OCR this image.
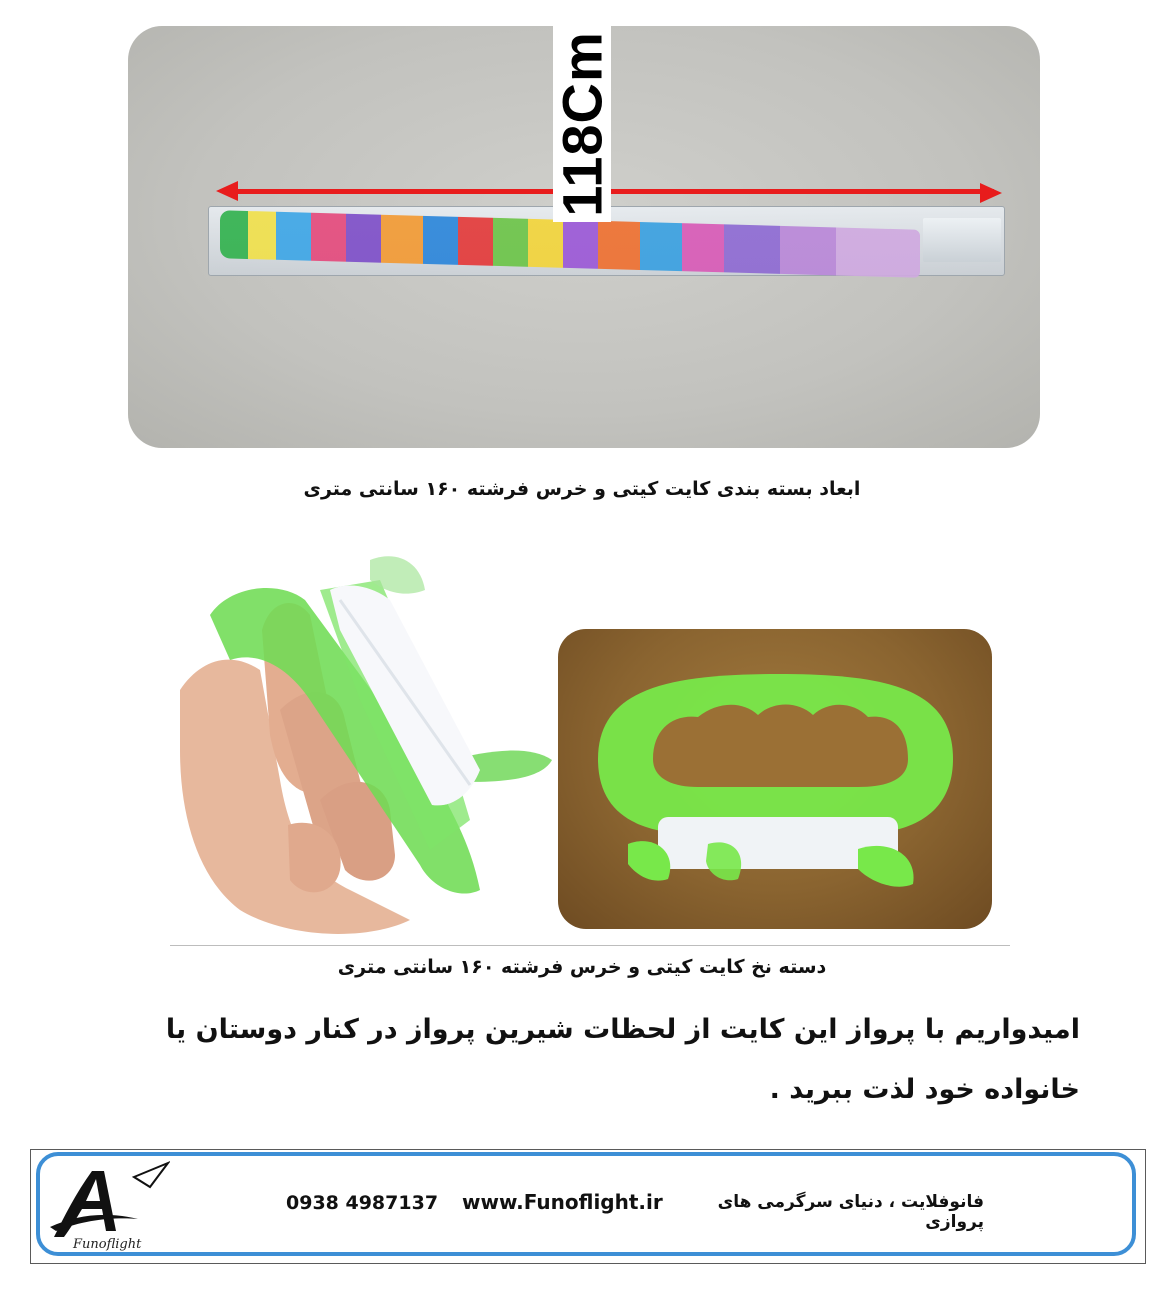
118Cm
ابعاد بسته بندی کایت کیتی و خرس فرشته ۱۶۰ سانتی متری
دسته نخ کایت کیتی و خرس فرشته ۱۶۰ سانتی متری
امیدواریم با پرواز این کایت از لحظات شیرین پرواز در کنار دوستان یا خانواده خود لذت ببرید .
Funoflight
0938 4987137 www.Funoflight.ir	فانوفلایت ، دنیای سرگرمی های پروازی
